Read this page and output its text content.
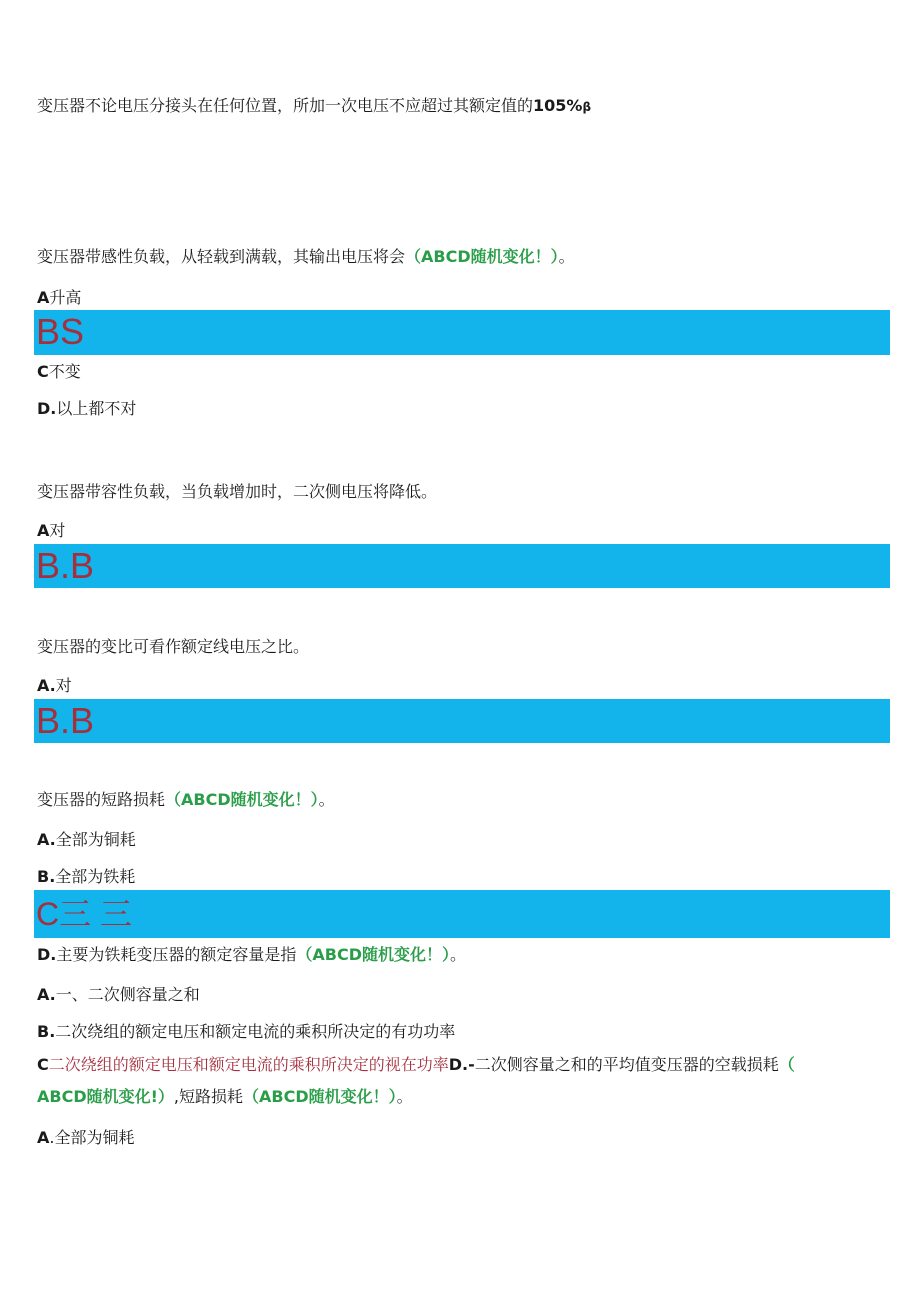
变压器不论电压分接头在任何位置，所加一次电压不应超过其额定值的105%β
变压器带感性负载，从轻载到满载，其输出电压将会（ABCD随机变化！）。
A升高
BS
C不变
D.以上都不对
变压器带容性负载，当负载增加时，二次侧电压将降低。
A对
B.B
变压器的变比可看作额定线电压之比。
A.对
B.B
变压器的短路损耗（ABCD随机变化！）。
A.全部为铜耗
B.全部为铁耗
C三 三
D.主要为铁耗变压器的额定容量是指（ABCD随机变化！）。
A.一、二次侧容量之和
B.二次绕组的额定电压和额定电流的乘积所决定的有功功率
C二次绕组的额定电压和额定电流的乘积所决定的视在功率D.-二次侧容量之和的平均值变压器的空载损耗（
ABCD随机变化!）,短路损耗（ABCD随机变化！）。
A.全部为铜耗
